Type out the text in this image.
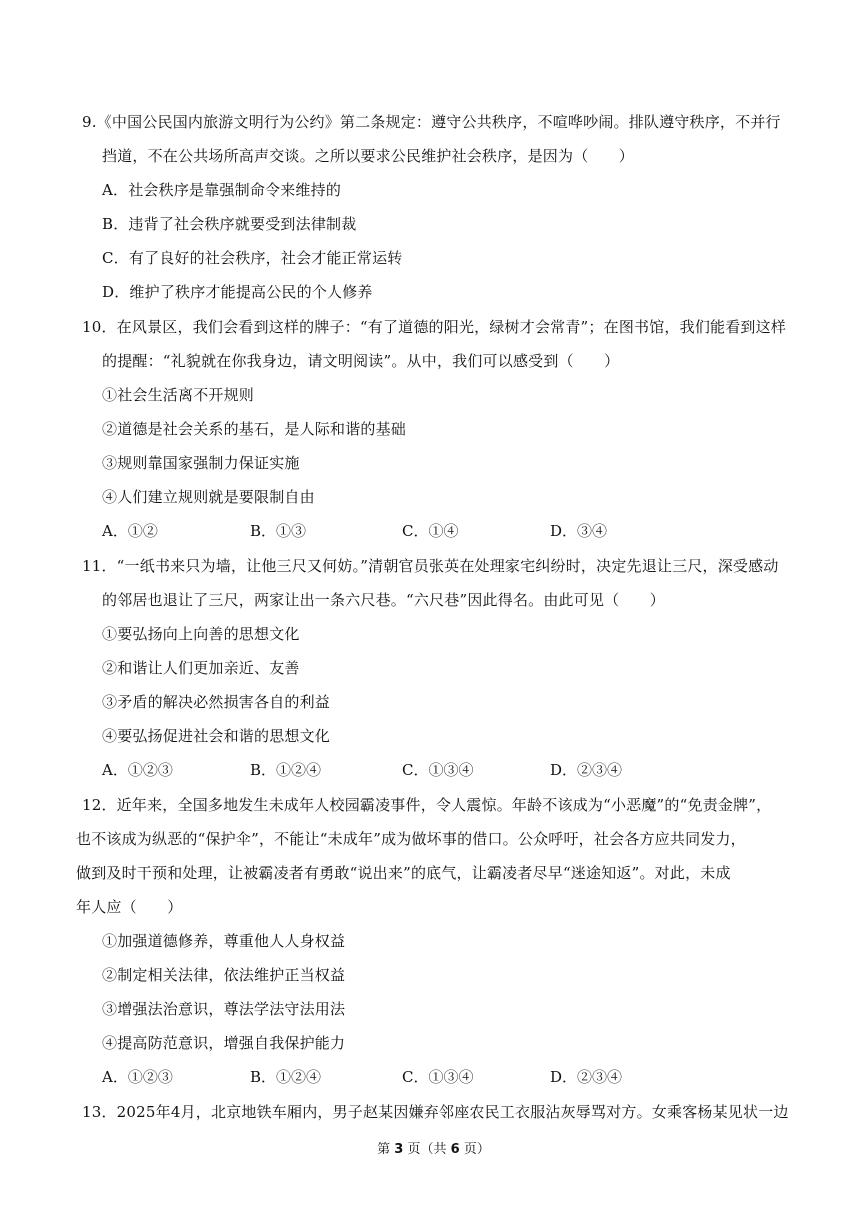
9.《中国公民国内旅游文明行为公约》第二条规定：遵守公共秩序，不喧哗吵闹。排队遵守秩序，不并行
挡道，不在公共场所高声交谈。之所以要求公民维护社会秩序，是因为（　　）
A．社会秩序是靠强制命令来维持的
B．违背了社会秩序就要受到法律制裁
C．有了良好的社会秩序，社会才能正常运转
D．维护了秩序才能提高公民的个人修养
10．在风景区，我们会看到这样的牌子：“有了道德的阳光，绿树才会常青”；在图书馆，我们能看到这样
的提醒：“礼貌就在你我身边，请文明阅读”。从中，我们可以感受到（　　）
①社会生活离不开规则
②道德是社会关系的基石，是人际和谐的基础
③规则靠国家强制力保证实施
④人们建立规则就是要限制自由
A．①②	B．①③	C．①④	D．③④
11．“一纸书来只为墙，让他三尺又何妨。”清朝官员张英在处理家宅纠纷时，决定先退让三尺，深受感动
的邻居也退让了三尺，两家让出一条六尺巷。“六尺巷”因此得名。由此可见（　　）
①要弘扬向上向善的思想文化
②和谐让人们更加亲近、友善
③矛盾的解决必然损害各自的利益
④要弘扬促进社会和谐的思想文化
A．①②③	B．①②④	C．①③④	D．②③④
12．近年来，全国多地发生未成年人校园霸凌事件，令人震惊。年龄不该成为“小恶魔”的“免责金牌”，
也不该成为纵恶的“保护伞”，不能让“未成年”成为做坏事的借口。公众呼吁，社会各方应共同发力，
做到及时干预和处理，让被霸凌者有勇敢“说出来”的底气，让霸凌者尽早“迷途知返”。对此，未成
年人应（　　）
①加强道德修养，尊重他人人身权益
②制定相关法律，依法维护正当权益
③增强法治意识，尊法学法守法用法
④提高防范意识，增强自我保护能力
A．①②③	B．①②④	C．①③④	D．②③④
13．2025年4月，北京地铁车厢内，男子赵某因嫌弃邻座农民工衣服沾灰辱骂对方。女乘客杨某见状一边
第 3 页（共 6 页）
